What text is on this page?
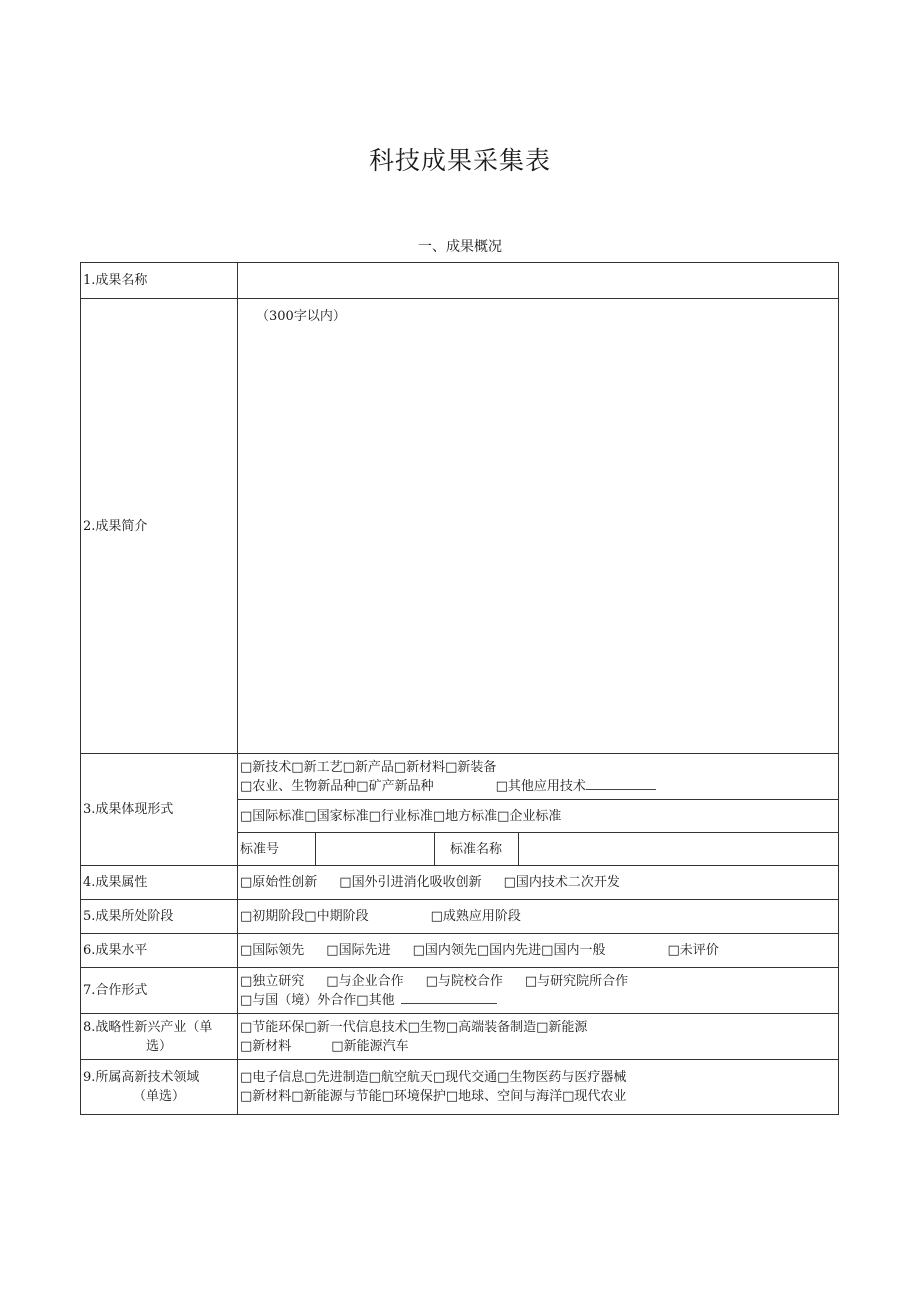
科技成果采集表
一、成果概况
1.成果名称	
2.成果简介	（300字以内）
3.成果体现形式	
□新技术□新工艺□新产品□新材料□新装备
□农业、生物新品种□矿产新品种	□其他应用技术

□国际标准□国家标准□行业标准□地方标准□企业标准

标准号		标准名称	

4.成果属性	□原始性创新 □国外引进消化吸收创新 □国内技术二次开发
5.成果所处阶段	□初期阶段□中期阶段	□成熟应用阶段
6.成果水平	□国际领先 □国际先进 □国内领先□国内先进□国内一般	□未评价
7.合作形式	
□独立研究 □与企业合作 □与院校合作 □与研究院所合作
□与国（境）外合作□其他

8.战略性新兴产业（单
选）

□节能环保□新一代信息技术□生物□高端装备制造□新能源
□新材料	□新能源汽车

9.所属高新技术领域
（单选）

□电子信息□先进制造□航空航天□现代交通□生物医药与医疗器械
□新材料□新能源与节能□环境保护□地球、空间与海洋□现代农业
